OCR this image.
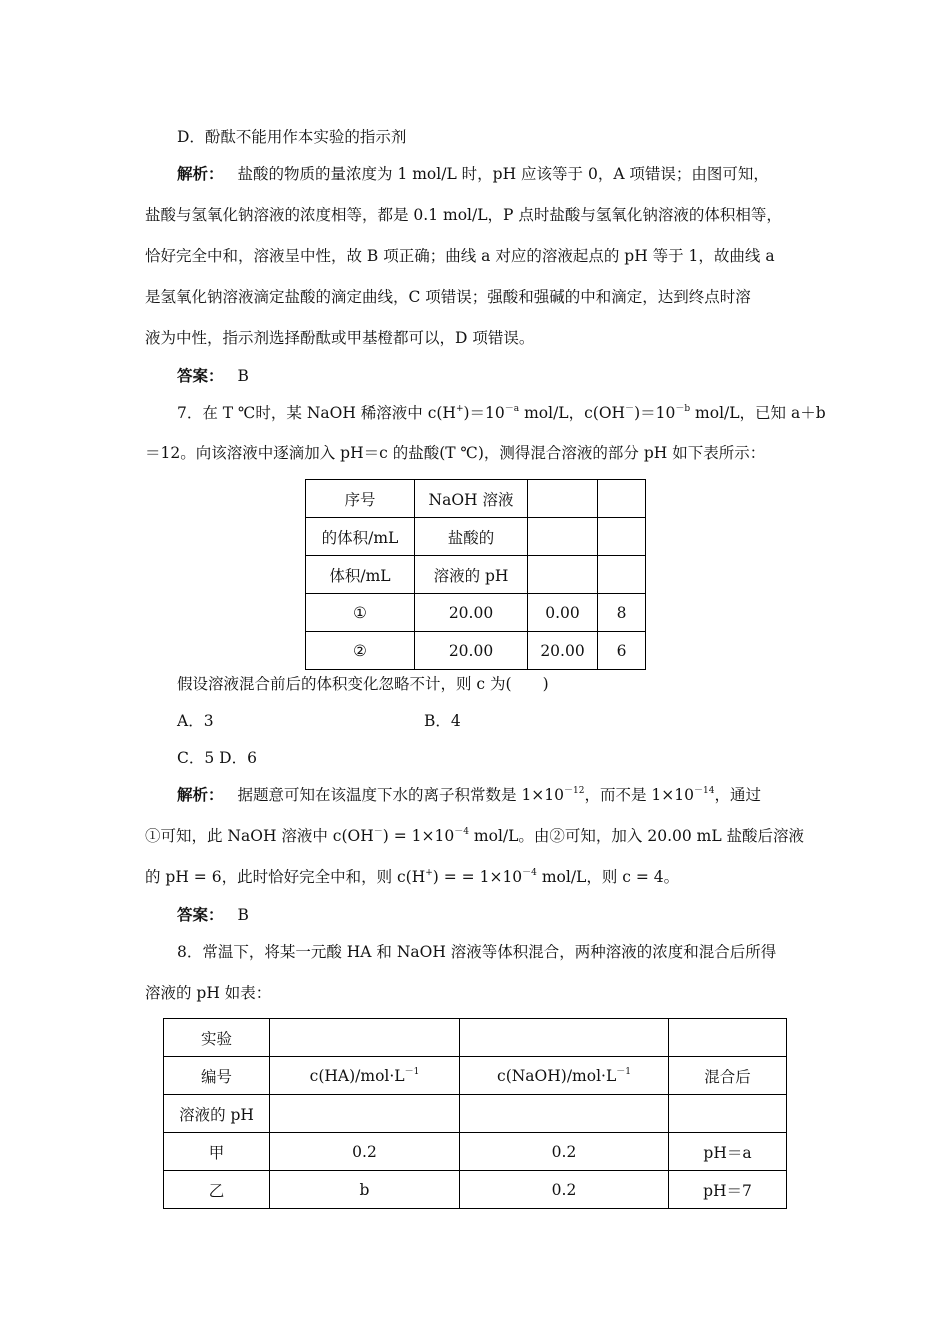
D．酚酞不能用作本实验的指示剂
解析： 盐酸的物质的量浓度为 1 mol/L 时，pH 应该等于 0，A 项错误；由图可知，
盐酸与氢氧化钠溶液的浓度相等，都是 0.1 mol/L，P 点时盐酸与氢氧化钠溶液的体积相等，
恰好完全中和，溶液呈中性，故 B 项正确；曲线 a 对应的溶液起点的 pH 等于 1，故曲线 a
是氢氧化钠溶液滴定盐酸的滴定曲线，C 项错误；强酸和强碱的中和滴定，达到终点时溶
液为中性，指示剂选择酚酞或甲基橙都可以，D 项错误。
答案： B
7．在 T ℃时，某 NaOH 稀溶液中 $c(H^+)=10^{-a}$ mol/L，$c(OH^-)=10^{-b}$ mol/L，已知 a＋b
＝12。向该溶液中逐滴加入 pH＝c 的盐酸(T ℃)，测得混合溶液的部分 pH 如下表所示：
序号	NaOH 溶液		
的体积/mL	盐酸的		
体积/mL	溶液的 pH		
①	20.00	0.00	8
②	20.00	20.00	6
假设溶液混合前后的体积变化忽略不计，则 c 为(　　)
A．3	B．4
C．5 D．6
解析： 据题意可知在该温度下水的离子积常数是 $1\times 10^{-12}$，而不是 $1\times 10^{-14}$，通过
①可知，此 NaOH 溶液中 $c(OH^-) = 1\times 10^{-4}$ mol/L。由②可知，加入 20.00 mL 盐酸后溶液
的 pH = 6，此时恰好完全中和，则 c(H+) = = $1\times 10^{-4}$ mol/L，则 c = 4。
答案： B
8．常温下，将某一元酸 HA 和 NaOH 溶液等体积混合，两种溶液的浓度和混合后所得
溶液的 pH 如表：
实验			
编号	$c(HA)/mol\cdot L^{-1}$	$c(NaOH)/mol\cdot L^{-1}$	混合后
溶液的 pH			
甲	0.2	0.2	pH＝a
乙	b	0.2	pH＝7
